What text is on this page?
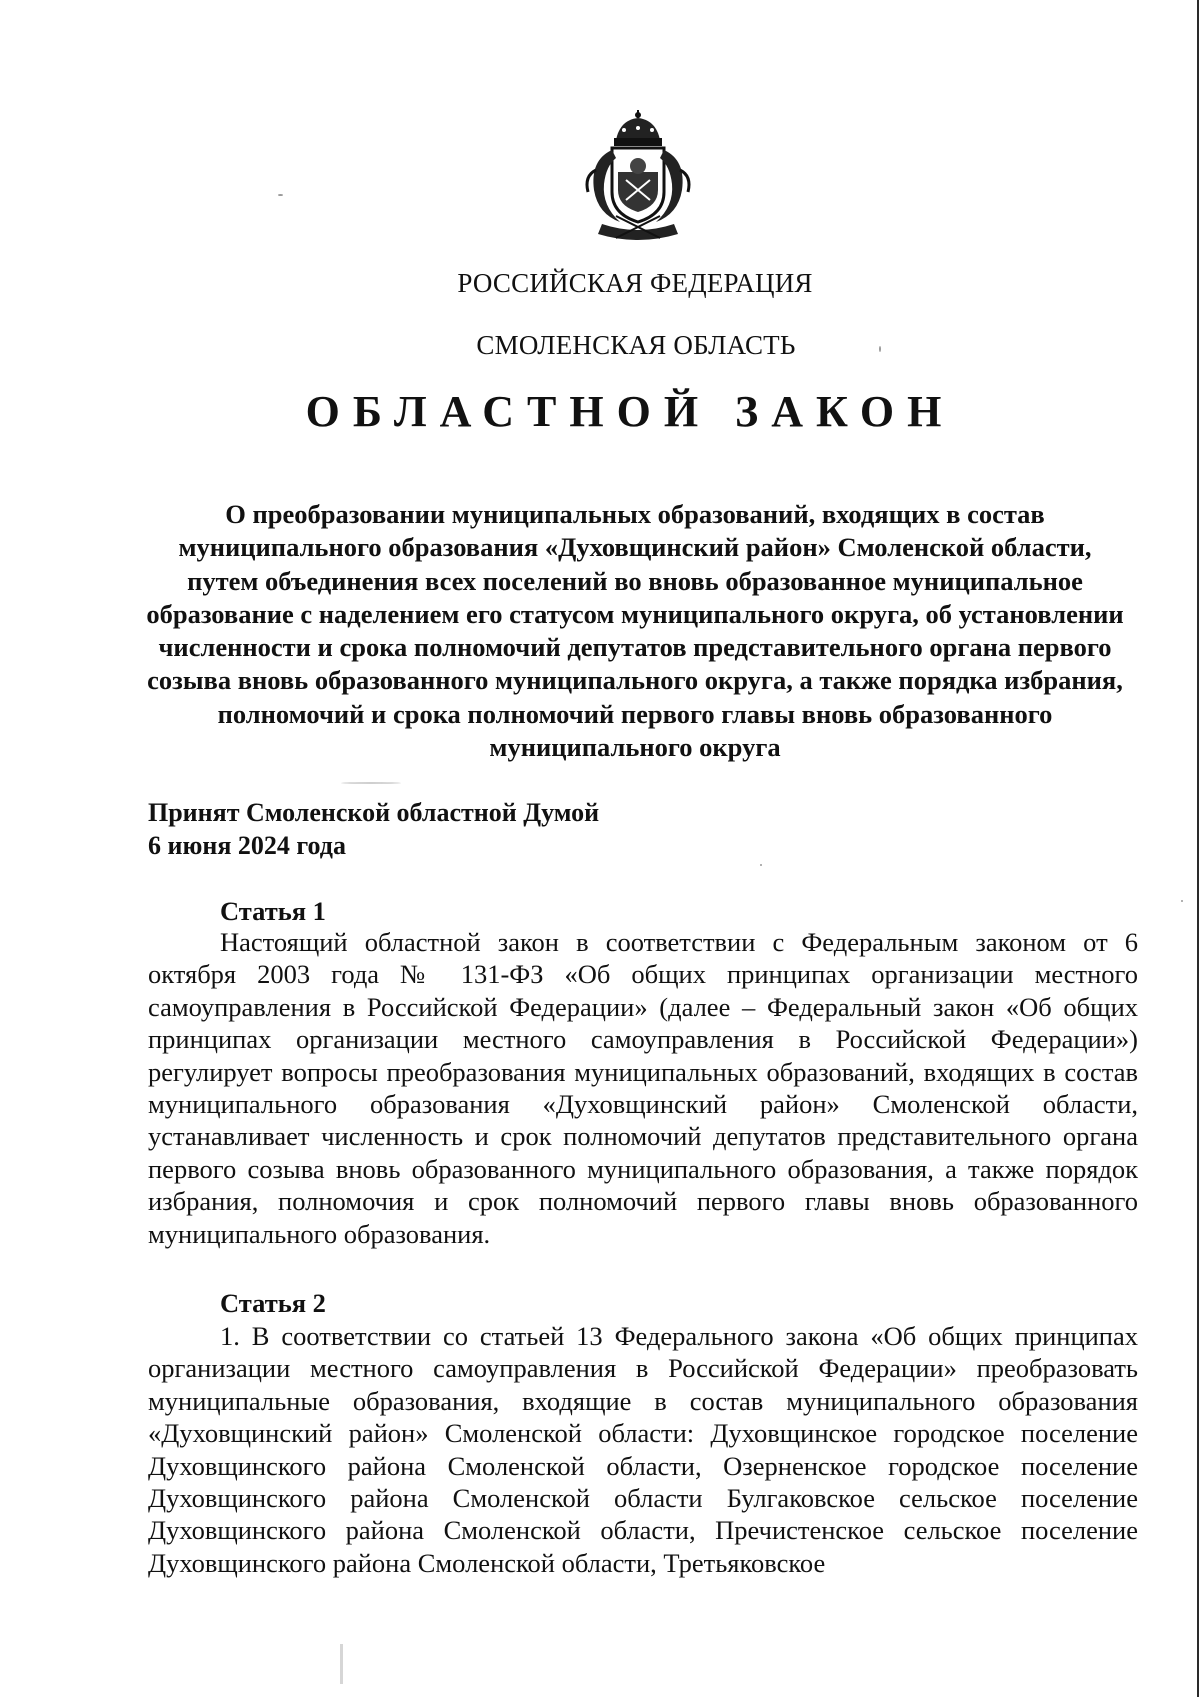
РОССИЙСКАЯ ФЕДЕРАЦИЯ
СМОЛЕНСКАЯ ОБЛАСТЬ
ОБЛАСТНОЙ ЗАКОН
О преобразовании муниципальных образований, входящих в состав муниципального образования «Духовщинский район» Смоленской области, путем объединения всех поселений во вновь образованное муниципальное образование с наделением его статусом муниципального округа, об установлении численности и срока полномочий депутатов представительного органа первого созыва вновь образованного муниципального округа, а также порядка избрания, полномочий и срока полномочий первого главы вновь образованного муниципального округа
Принят Смоленской областной Думой
6 июня 2024 года
Статья 1
Настоящий областной закон в соответствии с Федеральным законом от 6 октября 2003 года № 131-ФЗ «Об общих принципах организации местного самоуправления в Российской Федерации» (далее – Федеральный закон «Об общих принципах организации местного самоуправления в Российской Федерации») регулирует вопросы преобразования муниципальных образований, входящих в состав муниципального образования «Духовщинский район» Смоленской области, устанавливает численность и срок полномочий депутатов представительного органа первого созыва вновь образованного муниципального образования, а также порядок избрания, полномочия и срок полномочий первого главы вновь образованного муниципального образования.
Статья 2
1. В соответствии со статьей 13 Федерального закона «Об общих принципах организации местного самоуправления в Российской Федерации» преобразовать муниципальные образования, входящие в состав муниципального образования «Духовщинский район» Смоленской области: Духовщинское городское поселение Духовщинского района Смоленской области, Озерненское городское поселение Духовщинского района Смоленской области Булгаковское сельское поселение Духовщинского района Смоленской области, Пречистенское сельское поселение Духовщинского района Смоленской области, Третьяковское
